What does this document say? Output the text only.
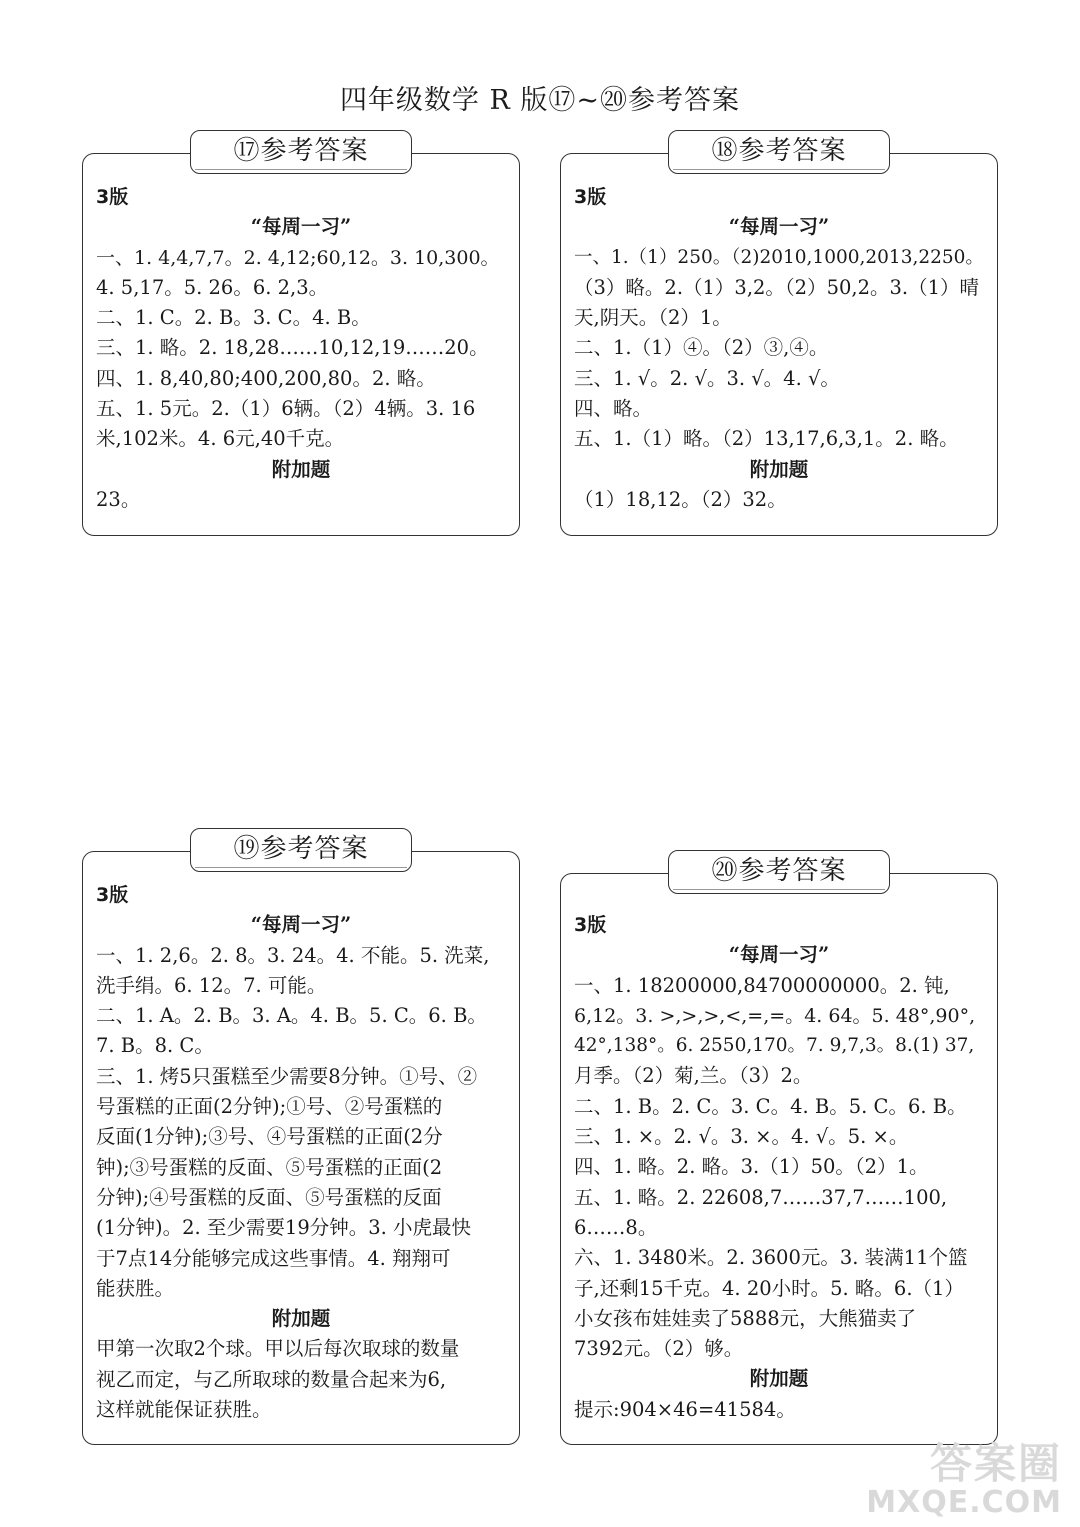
四年级数学 R 版⑰~⑳参考答案
3版
“每周一习”
一、1. 4,4,7,7。2. 4,12;60,12。3. 10,300。
4. 5,17。5. 26。6. 2,3。
二、1. C。2. B。3. C。4. B。
三、1. 略。2. 18,28……10,12,19……20。
四、1. 8,40,80;400,200,80。2. 略。
五、1. 5元。2.（1）6辆。（2）4辆。3. 16
米,102米。4. 6元,40千克。
附加题
23。
⑰参考答案
3版
“每周一习”
一、1.（1）250。（2)2010,1000,2013,2250。
（3）略。2.（1）3,2。（2）50,2。3.（1）晴
天,阴天。（2）1。
二、1.（1）④。（2）③,④。
三、1. √。2. √。3. √。4. √。
四、略。
五、1.（1）略。（2）13,17,6,3,1。2. 略。
附加题
（1）18,12。（2）32。
⑱参考答案
3版
“每周一习”
一、1. 2,6。2. 8。3. 24。4. 不能。5. 洗菜,
洗手绢。6. 12。7. 可能。
二、1. A。2. B。3. A。4. B。5. C。6. B。
7. B。8. C。
三、1. 烤5只蛋糕至少需要8分钟。①号、②
号蛋糕的正面(2分钟);①号、②号蛋糕的
反面(1分钟);③号、④号蛋糕的正面(2分
钟);③号蛋糕的反面、⑤号蛋糕的正面(2
分钟);④号蛋糕的反面、⑤号蛋糕的反面
(1分钟)。2. 至少需要19分钟。3. 小虎最快
于7点14分能够完成这些事情。4. 翔翔可
能获胜。
附加题
甲第一次取2个球。甲以后每次取球的数量
视乙而定，与乙所取球的数量合起来为6,
这样就能保证获胜。
⑲参考答案
3版
“每周一习”
一、1. 18200000,84700000000。2. 钝,
6,12。3. >,>,>,<,=,=。4. 64。5. 48°,90°,
42°,138°。6. 2550,170。7. 9,7,3。8.(1) 37,
月季。（2）菊,兰。（3）2。
二、1. B。2. C。3. C。4. B。5. C。6. B。
三、1. ×。2. √。3. ×。4. √。5. ×。
四、1. 略。2. 略。3.（1）50。（2）1。
五、1. 略。2. 22608,7……37,7……100,
6……8。
六、1. 3480米。2. 3600元。3. 装满11个篮
子,还剩15千克。4. 20小时。5. 略。6.（1）
小女孩布娃娃卖了5888元，大熊猫卖了
7392元。（2）够。
附加题
提示:904×46=41584。
⑳参考答案
答案圈
MXQE.COM
